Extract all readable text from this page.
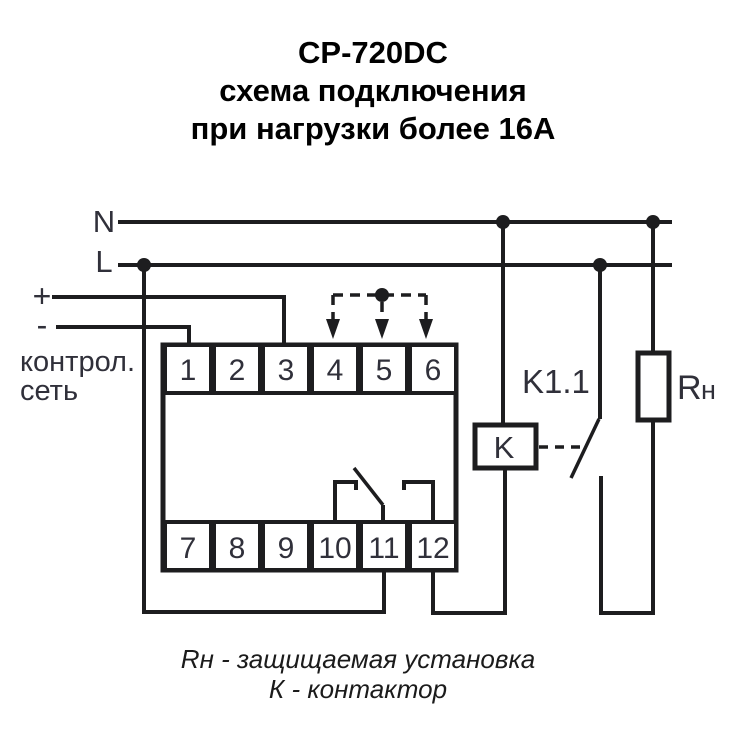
CP-720DC
схема подключения
при нагрузки более 16А
1 2 3 4 5 6
7 8 9 10 11 12
N
L
+
-
контрол.
сеть
K
K1.1	R н
Rн - защищаемая установка
К - контактор
